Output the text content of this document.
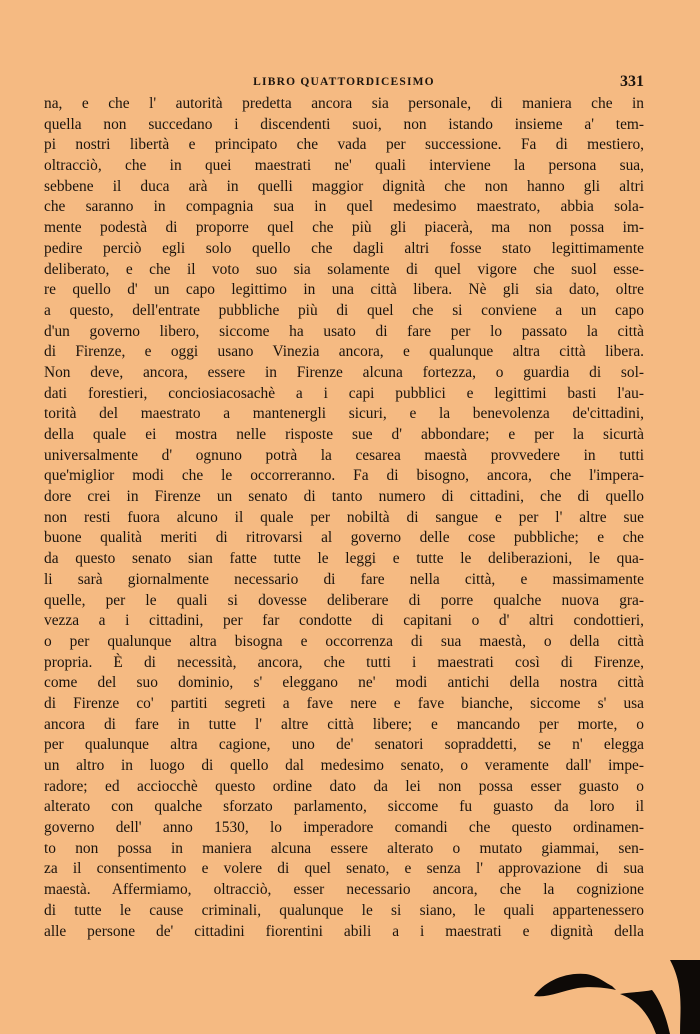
LIBRO QUATTORDICESIMO	331
na, e che l' autorità predetta ancora sia personale, di maniera che in
quella non succedano i discendenti suoi, non istando insieme a' tem-
pi nostri libertà e principato che vada per successione. Fa di mestiero,
oltracciò, che in quei maestrati ne' quali interviene la persona sua,
sebbene il duca arà in quelli maggior dignità che non hanno gli altri
che saranno in compagnia sua in quel medesimo maestrato, abbia sola-
mente podestà di proporre quel che più gli piacerà, ma non possa im-
pedire perciò egli solo quello che dagli altri fosse stato legittimamente
deliberato, e che il voto suo sia solamente di quel vigore che suol esse-
re quello d' un capo legittimo in una città libera. Nè gli sia dato, oltre
a questo, dell'entrate pubbliche più di quel che si conviene a un capo
d'un governo libero, siccome ha usato di fare per lo passato la città
di Firenze, e oggi usano Vinezia ancora, e qualunque altra città libera.
Non deve, ancora, essere in Firenze alcuna fortezza, o guardia di sol-
dati forestieri, conciosiacosachè a i capi pubblici e legittimi basti l'au-
torità del maestrato a mantenergli sicuri, e la benevolenza de'cittadini,
della quale ei mostra nelle risposte sue d' abbondare; e per la sicurtà
universalmente d' ognuno potrà la cesarea maestà provvedere in tutti
que'miglior modi che le occorreranno. Fa di bisogno, ancora, che l'impera-
dore crei in Firenze un senato di tanto numero di cittadini, che di quello
non resti fuora alcuno il quale per nobiltà di sangue e per l' altre sue
buone qualità meriti di ritrovarsi al governo delle cose pubbliche; e che
da questo senato sian fatte tutte le leggi e tutte le deliberazioni, le qua-
li sarà giornalmente necessario di fare nella città, e massimamente
quelle, per le quali si dovesse deliberare di porre qualche nuova gra-
vezza a i cittadini, per far condotte di capitani o d' altri condottieri,
o per qualunque altra bisogna e occorrenza di sua maestà, o della città
propria. È di necessità, ancora, che tutti i maestrati così di Firenze,
come del suo dominio, s' eleggano ne' modi antichi della nostra città
di Firenze co' partiti segreti a fave nere e fave bianche, siccome s' usa
ancora di fare in tutte l' altre città libere; e mancando per morte, o
per qualunque altra cagione, uno de' senatori sopraddetti, se n' elegga
un altro in luogo di quello dal medesimo senato, o veramente dall' impe-
radore; ed acciocchè questo ordine dato da lei non possa esser guasto o
alterato con qualche sforzato parlamento, siccome fu guasto da loro il
governo dell' anno 1530, lo imperadore comandi che questo ordinamen-
to non possa in maniera alcuna essere alterato o mutato giammai, sen-
za il consentimento e volere di quel senato, e senza l' approvazione di sua
maestà. Affermiamo, oltracciò, esser necessario ancora, che la cognizione
di tutte le cause criminali, qualunque le si siano, le quali appartenessero
alle persone de' cittadini fiorentini abili a i maestrati e dignità della
